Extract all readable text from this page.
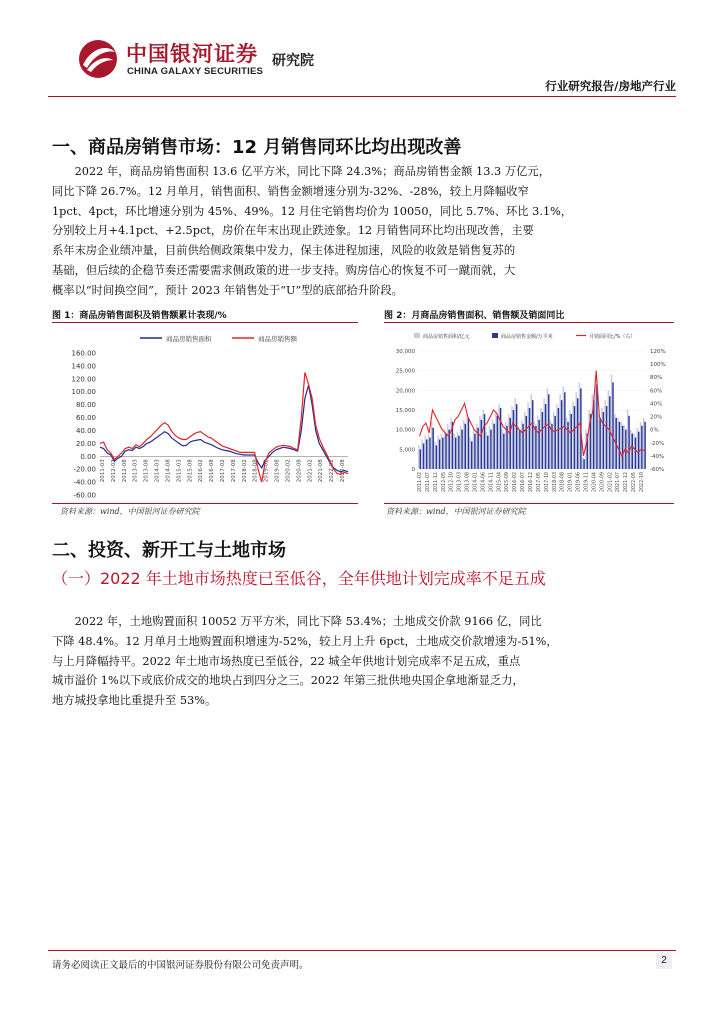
中国银河证券
CHINA GALAXY SECURITIES
研究院
行业研究报告/房地产行业
一、商品房销售市场：12 月销售同环比均出现改善
2022 年，商品房销售面积 13.6 亿平方米，同比下降 24.3%；商品房销售金额 13.3 万亿元，
同比下降 26.7%。12 月单月，销售面积、销售金额增速分别为-32%、-28%，较上月降幅收窄
1pct、4pct，环比增速分别为 45%、49%。12 月住宅销售均价为 10050，同比 5.7%、环比 3.1%，
分别较上月+4.1pct、+2.5pct，房价在年末出现止跌迹象。12 月销售同环比均出现改善，主要
系年末房企业绩冲量，目前供给侧政策集中发力，保主体进程加速，风险的收敛是销售复苏的
基础，但后续的企稳节奏还需要需求侧政策的进一步支持。购房信心的恢复不可一蹴而就，大
概率以“时间换空间”，预计 2023 年销售处于“U”型的底部拾升阶段。
图 1：商品房销售面积及销售额累计表现/%
商品房销售面积	商品房销售额
160.00
140.00
120.00
100.00
80.00
60.00
40.00
20.00
0.00
-20.00
-40.00
-60.00
2011-03 2012-03 2012-08 2013-03 2013-08 2014-03 2014-08 2015-03 2015-08 2016-02 2016-08 2017-02 2017-08 2018-02 2018-08 2019-02 2019-08 2020-02 2020-08 2021-02 2021-08 2022-02 2022-08
资料来源：wind，中国银河证券研究院
图 2：月商品房销售面积、销售额及销面同比
商品房销售面积/亿元	商品房销售金额/万平米	月销面同比/%（右）
30,000
25,000
20,000
15,000
10,000
5,000
0
120%
100%
80%
60%
40%
20%
0%
-20%
-40%
-60%
2011-02 2011-07 2011-12 2012-05 2012-10 2013-03 2013-08 2014-01 2014-06 2014-11 2015-04 2015-09 2016-02 2016-07 2016-12 2017-05 2017-10 2018-03 2018-08 2019-01 2019-06 2019-11 2020-04 2020-09 2021-02 2021-07 2021-12 2022-05 2022-10
资料来源：wind，中国银河证券研究院
二、投资、新开工与土地市场
（一）2022 年土地市场热度已至低谷，全年供地计划完成率不足五成
2022 年，土地购置面积 10052 万平方米，同比下降 53.4%；土地成交价款 9166 亿，同比
下降 48.4%。12 月单月土地购置面积增速为-52%，较上月上升 6pct，土地成交价款增速为-51%，
与上月降幅持平。2022 年土地市场热度已至低谷，22 城全年供地计划完成率不足五成，重点
城市溢价 1%以下或底价成交的地块占到四分之三。2022 年第三批供地央国企拿地渐显乏力，
地方城投拿地比重提升至 53%。
请务必阅读正文最后的中国银河证券股份有限公司免责声明。	2
